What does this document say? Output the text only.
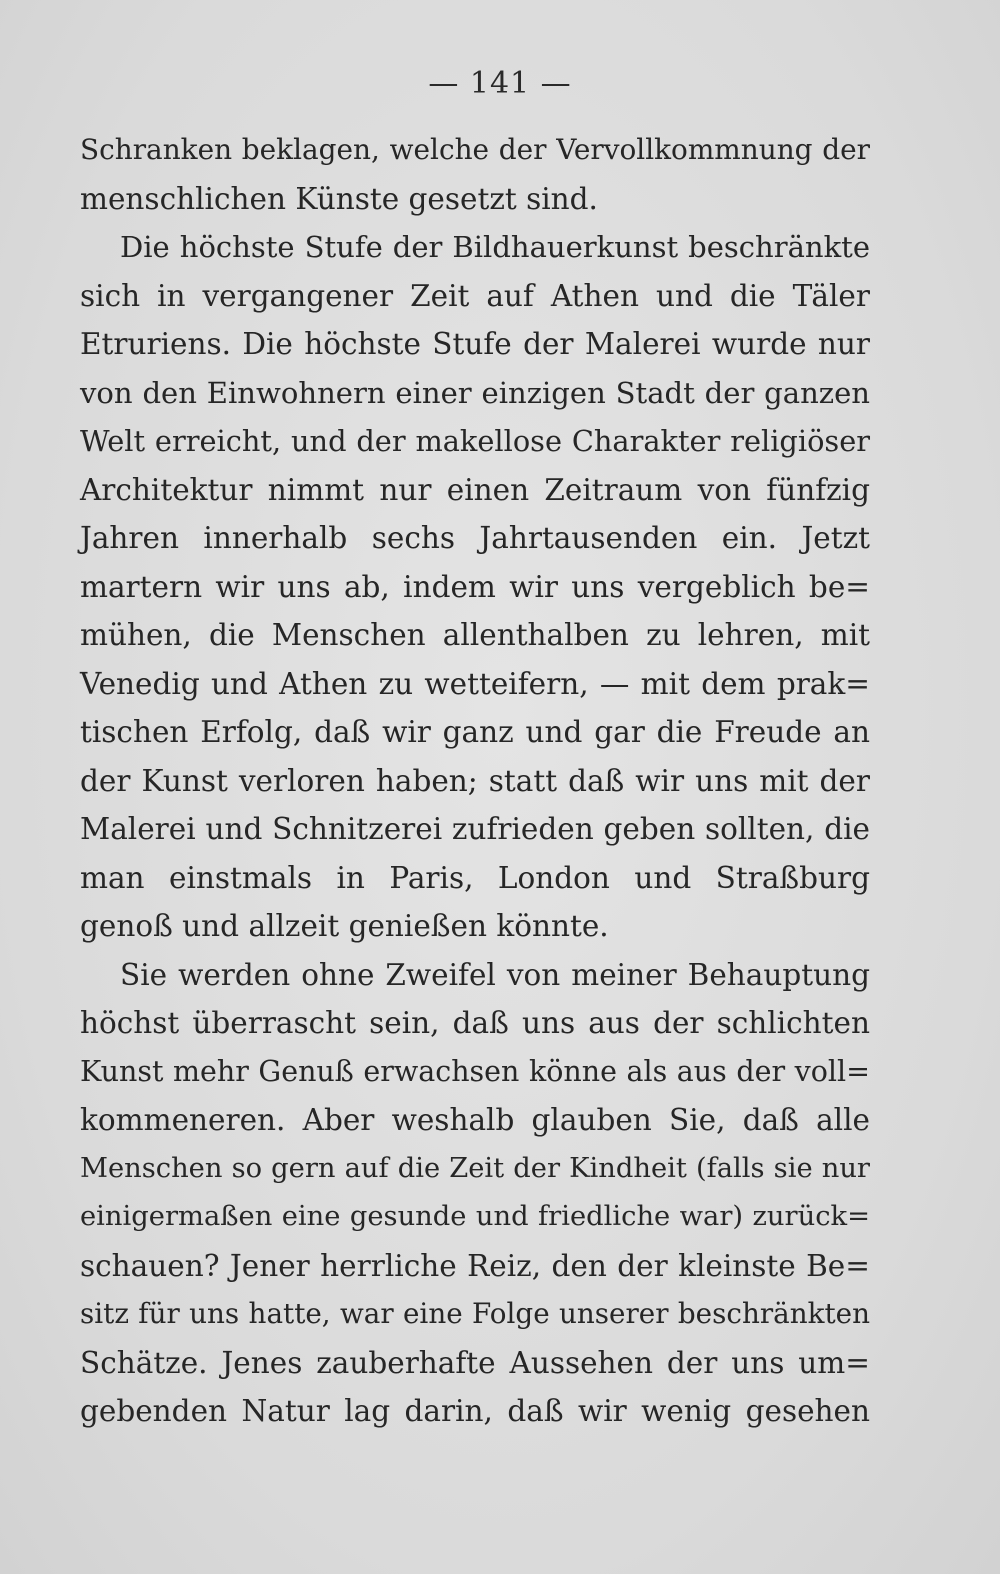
— 141 —
Schranken beklagen, welche der Vervollkommnung der
menschlichen Künste gesetzt sind.
Die höchste Stufe der Bildhauerkunst beschränkte
sich in vergangener Zeit auf Athen und die Täler
Etruriens. Die höchste Stufe der Malerei wurde nur
von den Einwohnern einer einzigen Stadt der ganzen
Welt erreicht, und der makellose Charakter religiöser
Architektur nimmt nur einen Zeitraum von fünfzig
Jahren innerhalb sechs Jahrtausenden ein. Jetzt
martern wir uns ab, indem wir uns vergeblich be=
mühen, die Menschen allenthalben zu lehren, mit
Venedig und Athen zu wetteifern, — mit dem prak=
tischen Erfolg, daß wir ganz und gar die Freude an
der Kunst verloren haben; statt daß wir uns mit der
Malerei und Schnitzerei zufrieden geben sollten, die
man einstmals in Paris, London und Straßburg
genoß und allzeit genießen könnte.
Sie werden ohne Zweifel von meiner Behauptung
höchst überrascht sein, daß uns aus der schlichten
Kunst mehr Genuß erwachsen könne als aus der voll=
kommeneren. Aber weshalb glauben Sie, daß alle
Menschen so gern auf die Zeit der Kindheit (falls sie nur
einigermaßen eine gesunde und friedliche war) zurück=
schauen? Jener herrliche Reiz, den der kleinste Be=
sitz für uns hatte, war eine Folge unserer beschränkten
Schätze. Jenes zauberhafte Aussehen der uns um=
gebenden Natur lag darin, daß wir wenig gesehen
